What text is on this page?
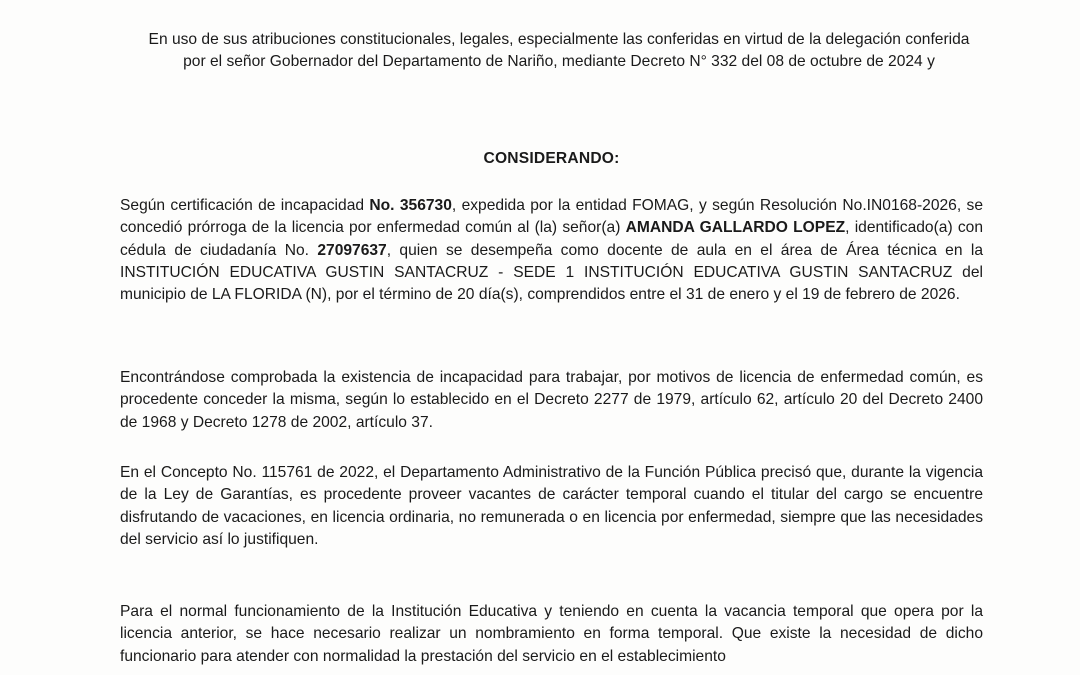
En uso de sus atribuciones constitucionales, legales, especialmente las conferidas en virtud de la delegación conferida por el señor Gobernador del Departamento de Nariño, mediante Decreto N° 332 del 08 de octubre de 2024 y

CONSIDERANDO:

Según certificación de incapacidad No. 356730, expedida por la entidad FOMAG, y según Resolución No.IN0168-2026, se concedió prórroga de la licencia por enfermedad común al (la) señor(a) AMANDA GALLARDO LOPEZ, identificado(a) con cédula de ciudadanía No. 27097637, quien se desempeña como docente de aula en el área de Área técnica en la INSTITUCIÓN EDUCATIVA GUSTIN SANTACRUZ - SEDE 1 INSTITUCIÓN EDUCATIVA GUSTIN SANTACRUZ del municipio de LA FLORIDA (N), por el término de 20 día(s), comprendidos entre el 31 de enero y el 19 de febrero de 2026.

Encontrándose comprobada la existencia de incapacidad para trabajar, por motivos de licencia de enfermedad común, es procedente conceder la misma, según lo establecido en el Decreto 2277 de 1979, artículo 62, artículo 20 del Decreto 2400 de 1968 y Decreto 1278 de 2002, artículo 37.

En el Concepto No. 115761 de 2022, el Departamento Administrativo de la Función Pública precisó que, durante la vigencia de la Ley de Garantías, es procedente proveer vacantes de carácter temporal cuando el titular del cargo se encuentre disfrutando de vacaciones, en licencia ordinaria, no remunerada o en licencia por enfermedad, siempre que las necesidades del servicio así lo justifiquen.

Para el normal funcionamiento de la Institución Educativa y teniendo en cuenta la vacancia temporal que opera por la licencia anterior, se hace necesario realizar un nombramiento en forma temporal. Que existe la necesidad de dicho funcionario para atender con normalidad la prestación del servicio en el establecimiento
